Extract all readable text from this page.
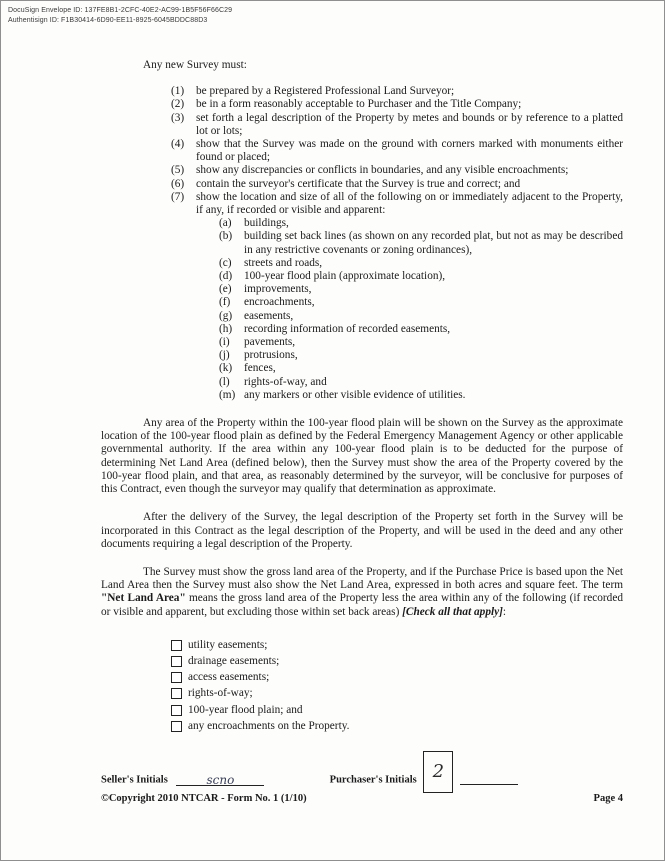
DocuSign Envelope ID: 137FE8B1-2CFC-40E2-AC99-1B5F56F66C29
Authentisign ID: F1B30414-6D90-EE11-8925-6045BDDC88D3

Any new Survey must:

(1) be prepared by a Registered Professional Land Surveyor;
(2) be in a form reasonably acceptable to Purchaser and the Title Company;
(3) set forth a legal description of the Property by metes and bounds or by reference to a platted lot or lots;
(4) show that the Survey was made on the ground with corners marked with monuments either found or placed;
(5) show any discrepancies or conflicts in boundaries, and any visible encroachments;
(6) contain the surveyor's certificate that the Survey is true and correct; and
(7) show the location and size of all of the following on or immediately adjacent to the Property, if any, if recorded or visible and apparent:
(a) buildings,
(b) building set back lines (as shown on any recorded plat, but not as may be described in any restrictive covenants or zoning ordinances),
(c) streets and roads,
(d) 100-year flood plain (approximate location),
(e) improvements,
(f) encroachments,
(g) easements,
(h) recording information of recorded easements,
(i) pavements,
(j) protrusions,
(k) fences,
(l) rights-of-way, and
(m) any markers or other visible evidence of utilities.

Any area of the Property within the 100-year flood plain will be shown on the Survey as the approximate location of the 100-year flood plain as defined by the Federal Emergency Management Agency or other applicable governmental authority. If the area within any 100-year flood plain is to be deducted for the purpose of determining Net Land Area (defined below), then the Survey must show the area of the Property covered by the 100-year flood plain, and that area, as reasonably determined by the surveyor, will be conclusive for purposes of this Contract, even though the surveyor may qualify that determination as approximate.

After the delivery of the Survey, the legal description of the Property set forth in the Survey will be incorporated in this Contract as the legal description of the Property, and will be used in the deed and any other documents requiring a legal description of the Property.

The Survey must show the gross land area of the Property, and if the Purchase Price is based upon the Net Land Area then the Survey must also show the Net Land Area, expressed in both acres and square feet. The term "Net Land Area" means the gross land area of the Property less the area within any of the following (if recorded or visible and apparent, but excluding those within set back areas) [Check all that apply]:

utility easements;
drainage easements;
access easements;
rights-of-way;
100-year flood plain; and
any encroachments on the Property.
Seller's Initials	scno	Purchaser's Initials 2
©Copyright 2010 NTCAR - Form No. 1 (1/10)	Page 4
